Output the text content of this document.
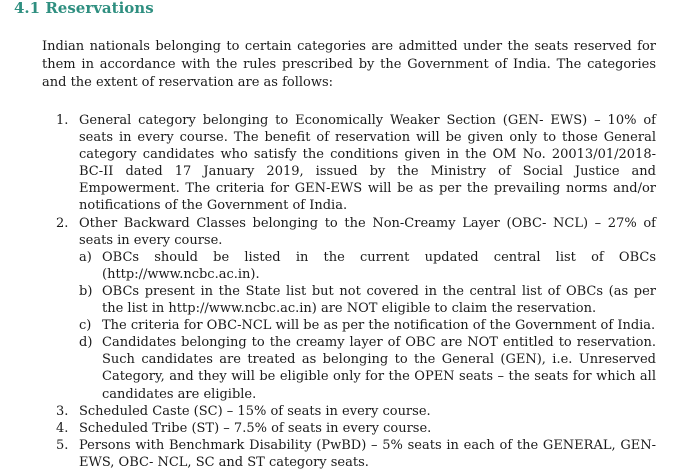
4.1 Reservations

Indian nationals belonging to certain categories are admitted under the seats reserved for them in accordance with the rules prescribed by the Government of India. The categories and the extent of reservation are as follows:

1. General category belonging to Economically Weaker Section (GEN- EWS) – 10% of seats in every course. The benefit of reservation will be given only to those General category candidates who satisfy the conditions given in the OM No. 20013/01/2018-BC-II dated 17 January 2019, issued by the Ministry of Social Justice and Empowerment. The criteria for GEN-EWS will be as per the prevailing norms and/or notifications of the Government of India.
2. Other Backward Classes belonging to the Non-Creamy Layer (OBC- NCL) – 27% of seats in every course.
a) OBCs should be listed in the current updated central list of OBCs (http://www.ncbc.ac.in).
b) OBCs present in the State list but not covered in the central list of OBCs (as per the list in http://www.ncbc.ac.in) are NOT eligible to claim the reservation.
c) The criteria for OBC-NCL will be as per the notification of the Government of India.
d) Candidates belonging to the creamy layer of OBC are NOT entitled to reservation. Such candidates are treated as belonging to the General (GEN), i.e. Unreserved Category, and they will be eligible only for the OPEN seats – the seats for which all candidates are eligible.
3. Scheduled Caste (SC) – 15% of seats in every course.
4. Scheduled Tribe (ST) – 7.5% of seats in every course.
5. Persons with Benchmark Disability (PwBD) – 5% seats in each of the GENERAL, GEN-EWS, OBC- NCL, SC and ST category seats.
